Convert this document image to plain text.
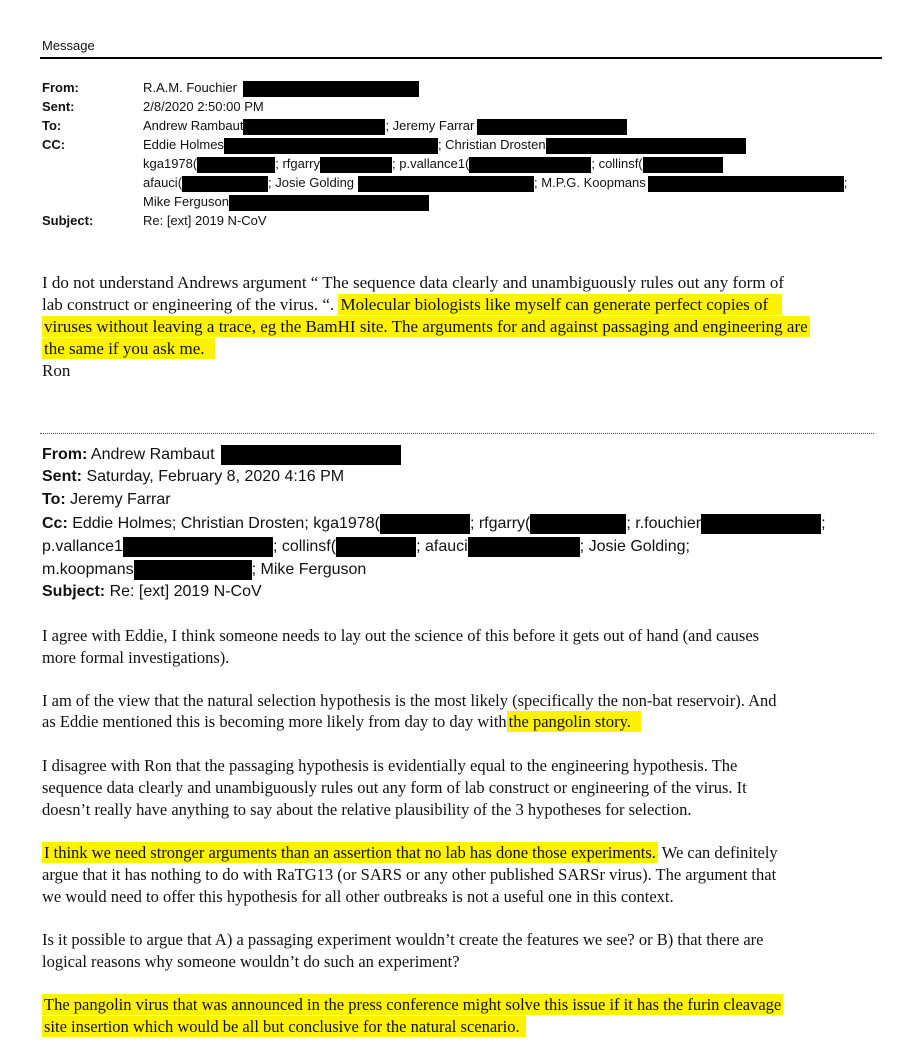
Message
From:	R.A.M. Fouchier
Sent:	2/8/2020 2:50:00 PM
To:	Andrew Rambaut	; Jeremy Farrar
CC:	Eddie Holmes	; Christian Drosten
kga1978(	; rfgarry	; p.vallance1(	; collinsf(
afauci(	; Josie Golding	; M.P.G. Koopmans	;
Mike Ferguson
Subject:	Re: [ext] 2019 N-CoV
I do not understand Andrews argument “ The sequence data clearly and unambiguously rules out any form of
lab construct or engineering of the virus. “. Molecular biologists like myself can generate perfect copies of
viruses without leaving a trace, eg the BamHI site. The arguments for and against passaging and engineering are
the same if you ask me.
Ron
From: Andrew Rambaut
Sent: Saturday, February 8, 2020 4:16 PM
To: Jeremy Farrar
Cc: Eddie Holmes; Christian Drosten; kga1978(	; rfgarry(	; r.fouchier	;
p.vallance1	; collinsf(	; afauci	; Josie Golding;
m.koopmans	; Mike Ferguson
Subject: Re: [ext] 2019 N-CoV
I agree with Eddie, I think someone needs to lay out the science of this before it gets out of hand (and causes
more formal investigations).
I am of the view that the natural selection hypothesis is the most likely (specifically the non-bat reservoir). And
as Eddie mentioned this is becoming more likely from day to day with the pangolin story.
I disagree with Ron that the passaging hypothesis is evidentially equal to the engineering hypothesis. The
sequence data clearly and unambiguously rules out any form of lab construct or engineering of the virus. It
doesn’t really have anything to say about the relative plausibility of the 3 hypotheses for selection.
I think we need stronger arguments than an assertion that no lab has done those experiments. We can definitely
argue that it has nothing to do with RaTG13 (or SARS or any other published SARSr virus). The argument that
we would need to offer this hypothesis for all other outbreaks is not a useful one in this context.
Is it possible to argue that A) a passaging experiment wouldn’t create the features we see? or B) that there are
logical reasons why someone wouldn’t do such an experiment?
The pangolin virus that was announced in the press conference might solve this issue if it has the furin cleavage
site insertion which would be all but conclusive for the natural scenario.
